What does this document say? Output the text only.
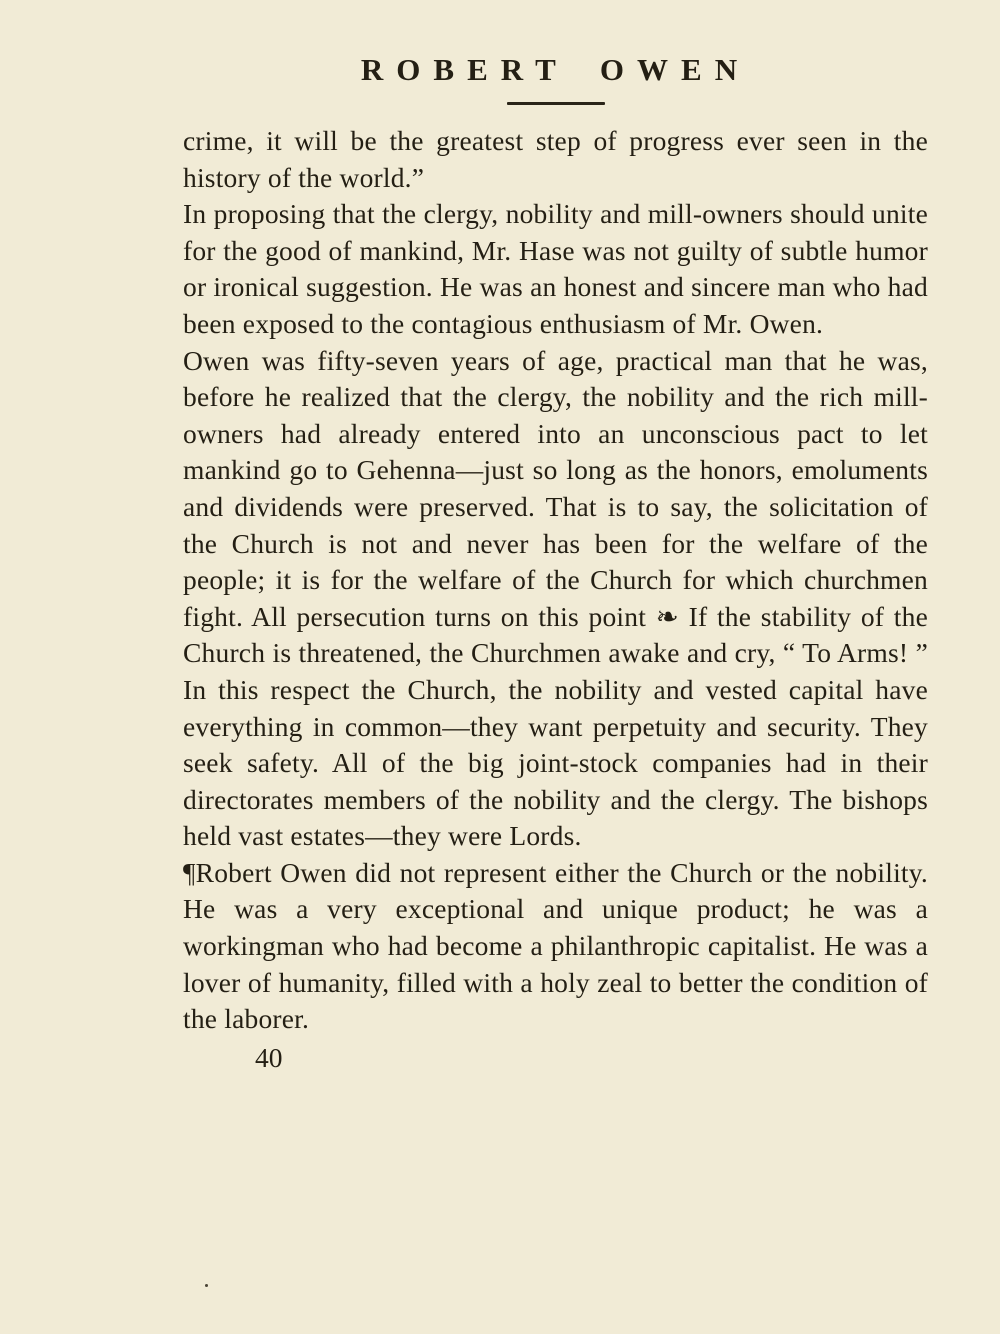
ROBERT OWEN

crime, it will be the greatest step of progress ever seen in the history of the world.”

In proposing that the clergy, nobility and mill-owners should unite for the good of mankind, Mr. Hase was not guilty of subtle humor or ironical suggestion. He was an honest and sincere man who had been exposed to the contagious enthusiasm of Mr. Owen.

Owen was fifty-seven years of age, practical man that he was, before he realized that the clergy, the nobility and the rich mill-owners had already entered into an unconscious pact to let mankind go to Gehenna—just so long as the honors, emoluments and dividends were preserved. That is to say, the solicitation of the Church is not and never has been for the welfare of the people; it is for the welfare of the Church for which churchmen fight. All persecution turns on this point ❧ If the stability of the Church is threatened, the Churchmen awake and cry, “ To Arms! ” In this respect the Church, the nobility and vested capital have everything in common—they want perpetuity and security. They seek safety. All of the big joint-stock companies had in their directorates members of the nobility and the clergy. The bishops held vast estates—they were Lords.

¶Robert Owen did not represent either the Church or the nobility. He was a very exceptional and unique product; he was a workingman who had become a philanthropic capitalist. He was a lover of humanity, filled with a holy zeal to better the condition of the laborer.

40
